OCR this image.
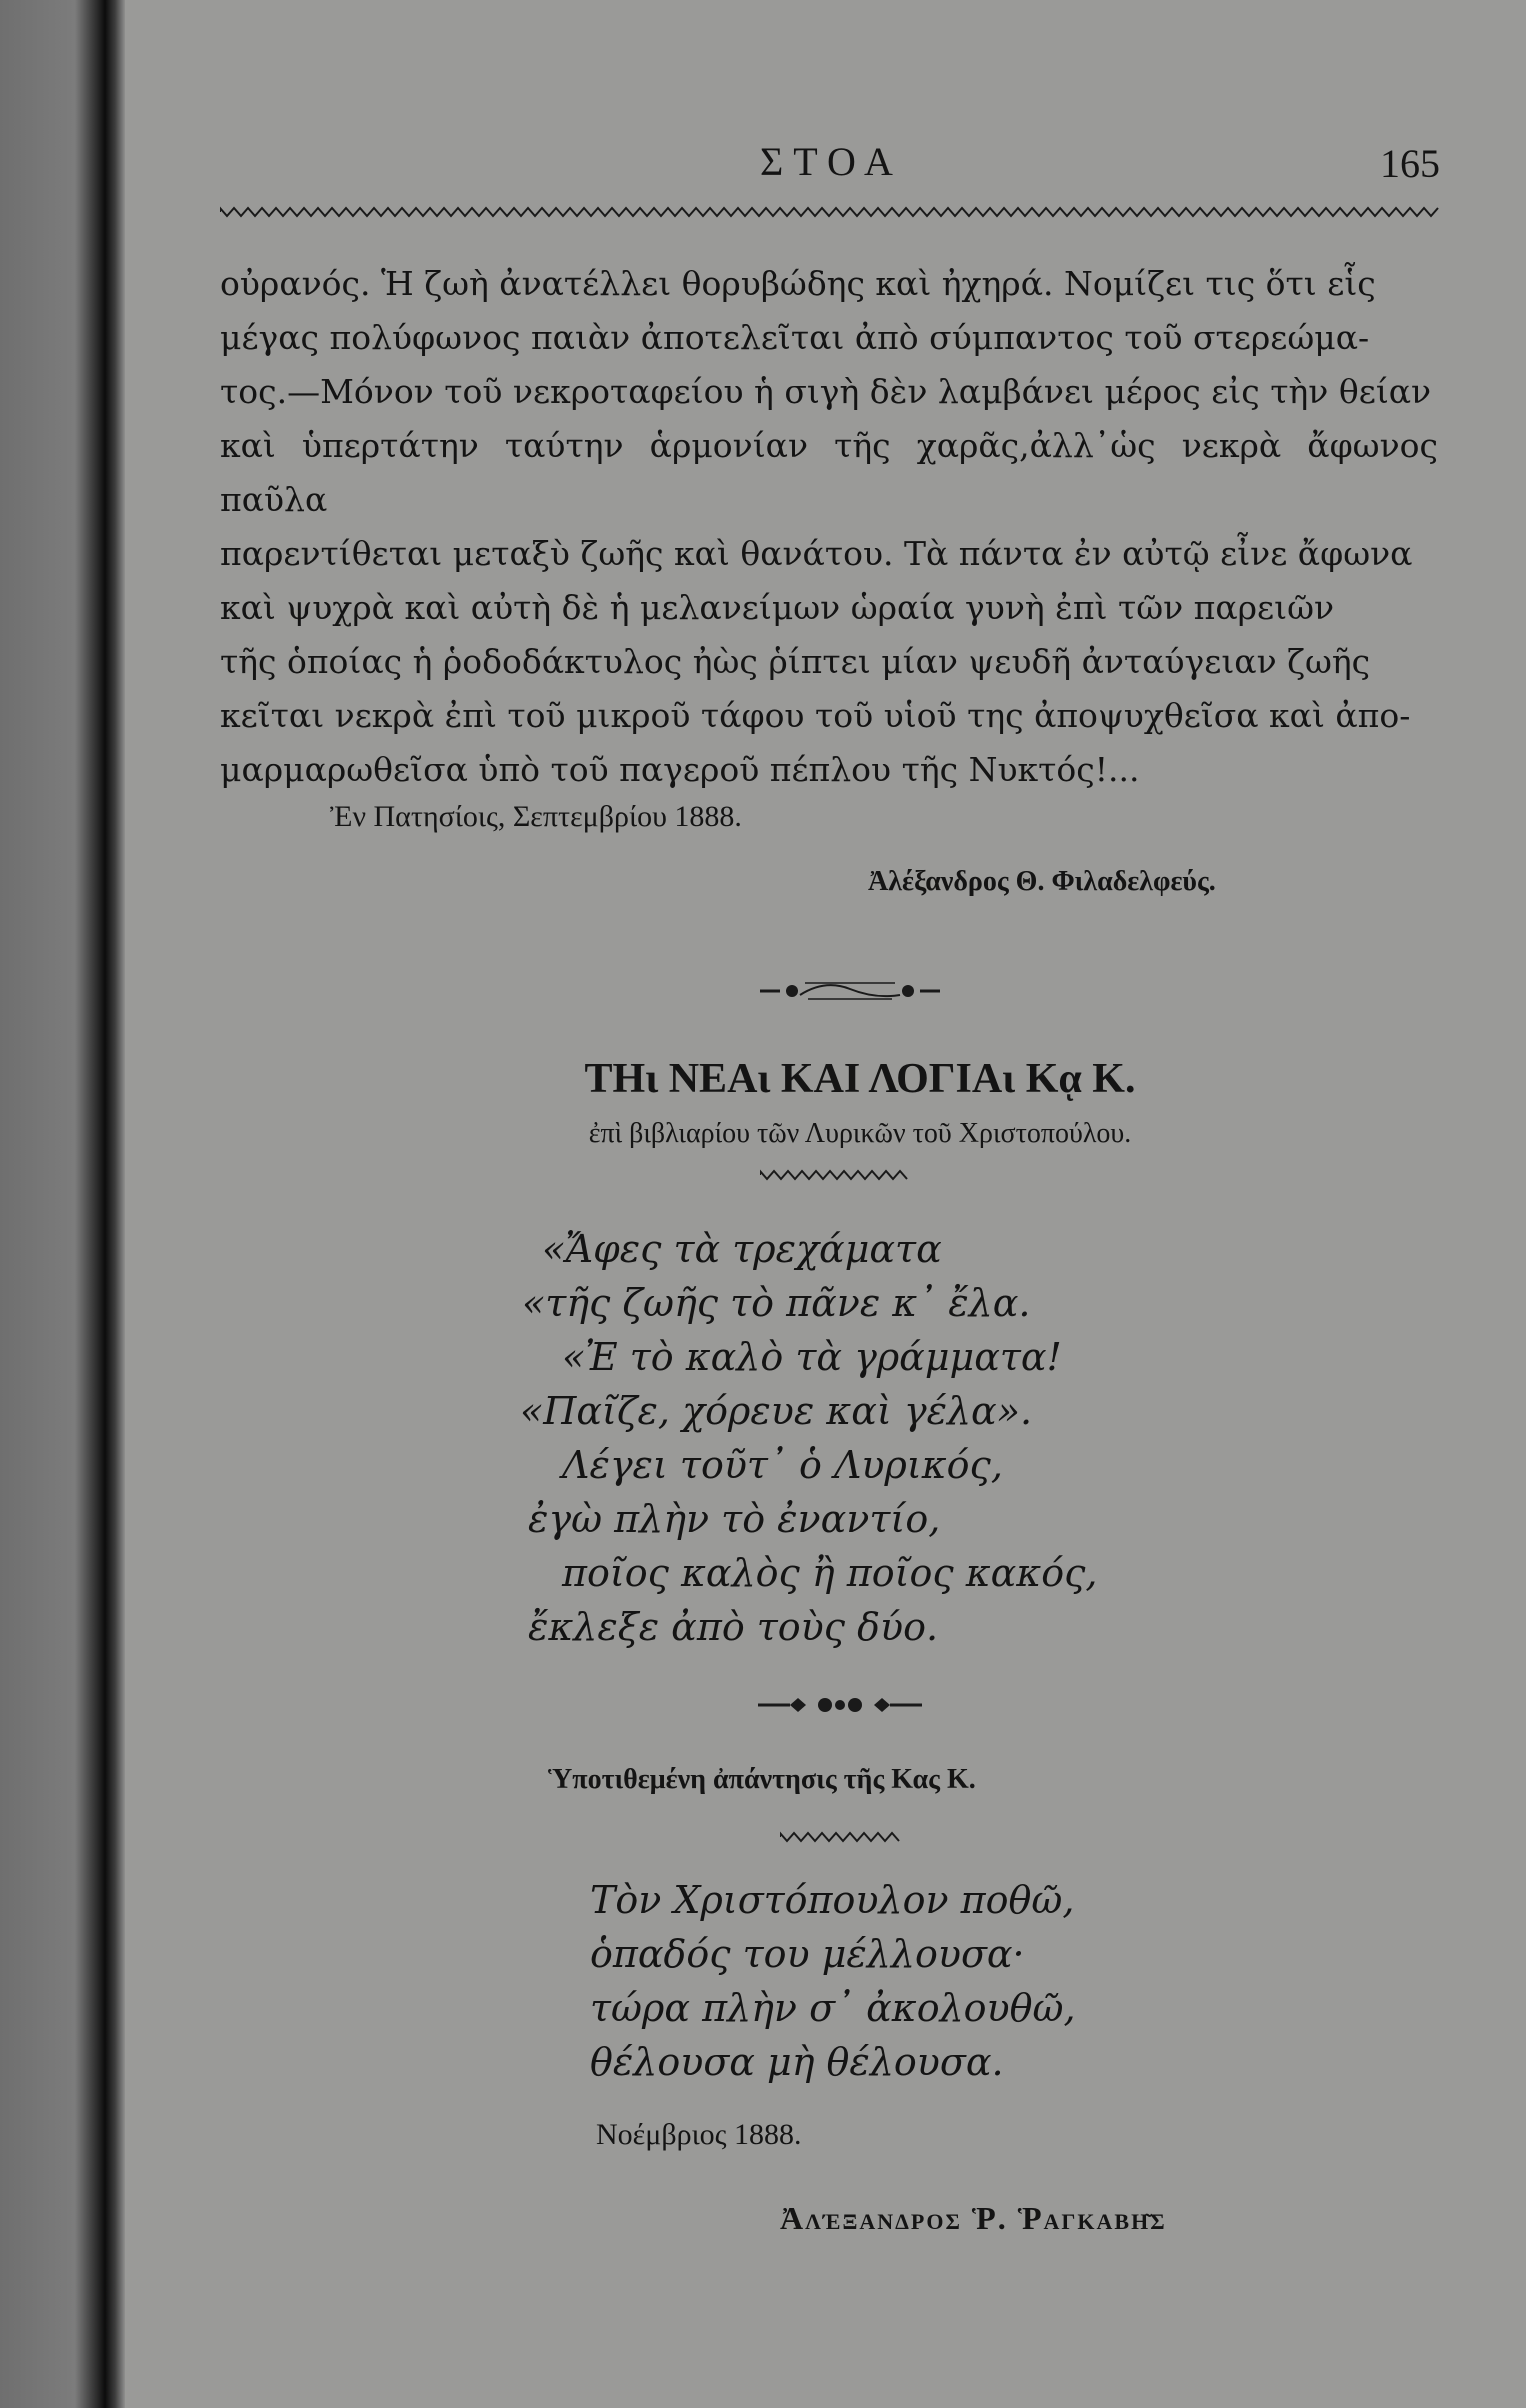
ΣΤΟΑ	165
οὐρανός. Ἡ ζωὴ ἀνατέλλει θορυβώδης καὶ ἠχηρά. Νομίζει τις ὅτι εἷς
μέγας πολύφωνος παιὰν ἀποτελεῖται ἀπὸ σύμπαντος τοῦ στερεώμα-
τος.—Μόνον τοῦ νεκροταφείου ἡ σιγὴ δὲν λαμβάνει μέρος εἰς τὴν θείαν
καὶ ὑπερτάτην ταύτην ἁρμονίαν τῆς χαρᾶς,ἀλλ᾽ὡς νεκρὰ ἄφωνος παῦλα
παρεντίθεται μεταξὺ ζωῆς καὶ θανάτου. Τὰ πάντα ἐν αὐτῷ εἶνε ἄφωνα
καὶ ψυχρὰ καὶ αὐτὴ δὲ ἡ μελανείμων ὡραία γυνὴ ἐπὶ τῶν παρειῶν
τῆς ὁποίας ἡ ῥοδοδάκτυλος ἠὼς ῥίπτει μίαν ψευδῆ ἀνταύγειαν ζωῆς
κεῖται νεκρὰ ἐπὶ τοῦ μικροῦ τάφου τοῦ υἱοῦ της ἀποψυχθεῖσα καὶ ἀπο-
μαρμαρωθεῖσα ὑπὸ τοῦ παγεροῦ πέπλου τῆς Νυκτός!...
Ἐν Πατησίοις, Σεπτεμβρίου 1888.
Ἀλέξανδρος Θ. Φιλαδελφεύς.
ΤΗι ΝΕΑι ΚΑΙ ΛΟΓΙΑι Κᾳ Κ.
ἐπὶ βιβλιαρίου τῶν Λυρικῶν τοῦ Χριστοπούλου.
«Ἄφες τὰ τρεχάματα
«τῆς ζωῆς τὸ πᾶνε κ᾽ ἔλα.
«Ἐ τὸ καλὸ τὰ γράμματα!
«Παῖζε, χόρευε καὶ γέλα».
Λέγει τοῦτ᾽ ὁ Λυρικός,
ἐγὼ πλὴν τὸ ἐναντίο,
ποῖος καλὸς ἢ ποῖος κακός,
ἔκλεξε ἀπὸ τοὺς δύο.
Ὑποτιθεμένη ἀπάντησις τῆς Κας Κ.
Τὸν Χριστόπουλον ποθῶ,
ὁπαδός του μέλλουσα·
τώρα πλὴν σ᾽ ἀκολουθῶ,
θέλουσα μὴ θέλουσα.
Νοέμβριος 1888.
Ἀλέξανδρος Ῥ. Ῥαγκαβῆς
